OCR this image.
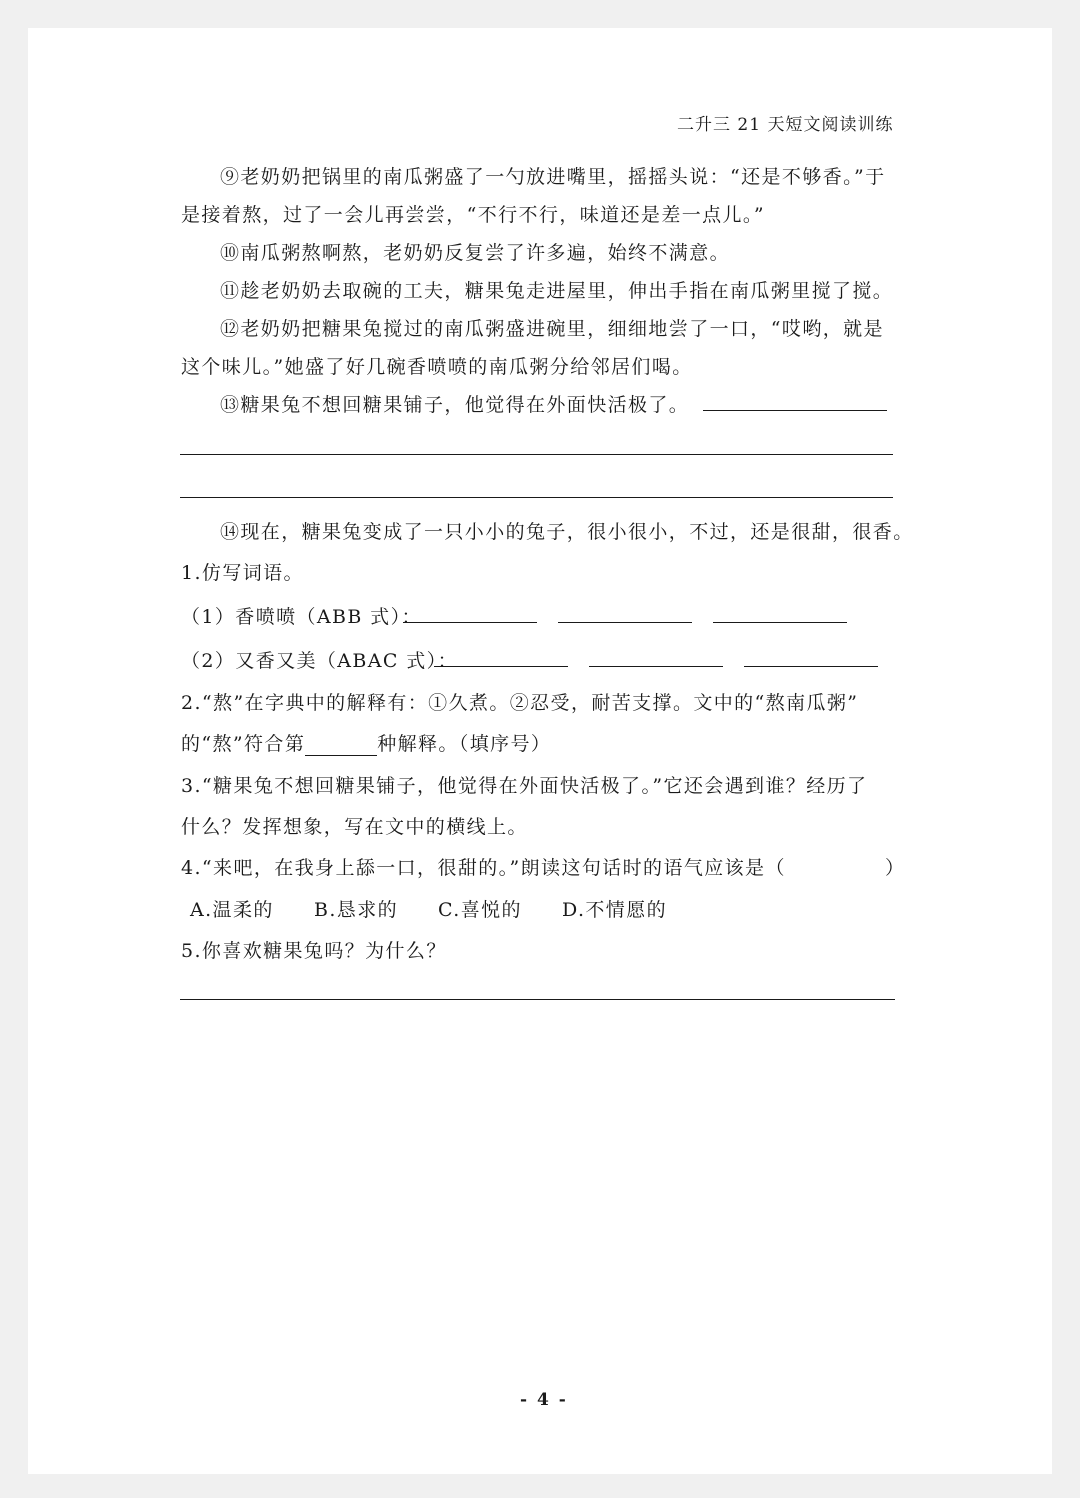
二升三 21 天短文阅读训练
⑨老奶奶把锅里的南瓜粥盛了一勺放进嘴里，摇摇头说：“还是不够香。”于
是接着熬，过了一会儿再尝尝，“不行不行，味道还是差一点儿。”
⑩南瓜粥熬啊熬，老奶奶反复尝了许多遍，始终不满意。
⑪趁老奶奶去取碗的工夫，糖果兔走进屋里，伸出手指在南瓜粥里搅了搅。
⑫老奶奶把糖果兔搅过的南瓜粥盛进碗里，细细地尝了一口，“哎哟，就是
这个味儿。”她盛了好几碗香喷喷的南瓜粥分给邻居们喝。
⑬糖果兔不想回糖果铺子，他觉得在外面快活极了。
⑭现在，糖果兔变成了一只小小的兔子，很小很小，不过，还是很甜，很香。
1.仿写词语。
（1）香喷喷（ABB 式）：
（2）又香又美（ABAC 式）：
2.“熬”在字典中的解释有：①久煮。②忍受，耐苦支撑。文中的“熬南瓜粥”
的“熬”符合第	种解释。（填序号）
3.“糖果兔不想回糖果铺子，他觉得在外面快活极了。”它还会遇到谁？经历了
什么？发挥想象，写在文中的横线上。
4.“来吧，在我身上舔一口，很甜的。”朗读这句话时的语气应该是（	）
A.温柔的 B.恳求的 C.喜悦的 D.不情愿的
5.你喜欢糖果兔吗？为什么？
- 4 -
